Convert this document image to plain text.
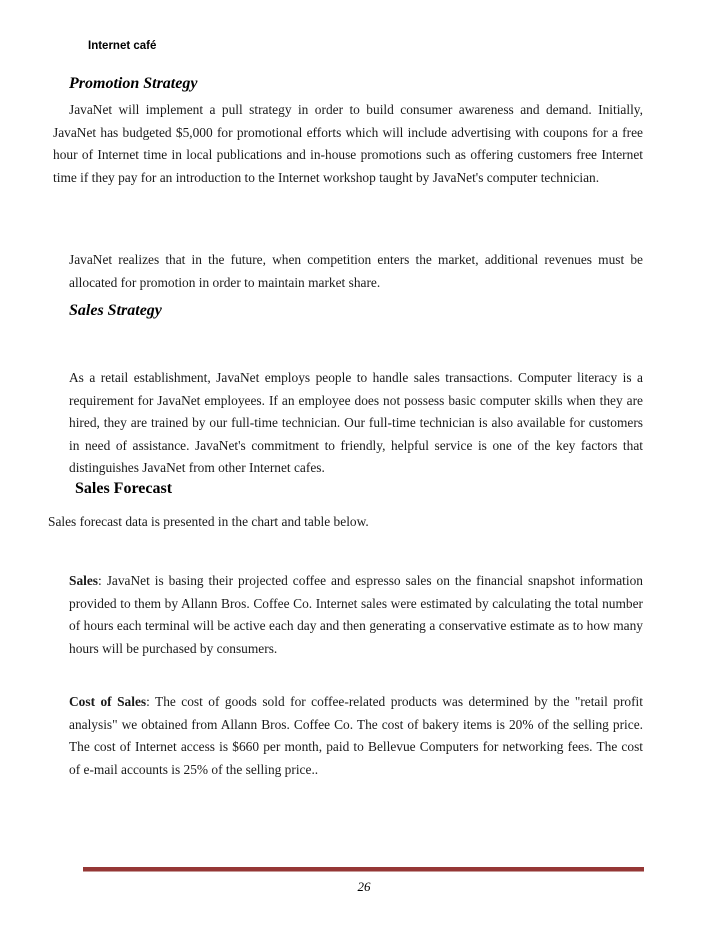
Internet café
Promotion Strategy
JavaNet will implement a pull strategy in order to build consumer awareness and demand. Initially, JavaNet has budgeted $5,000 for promotional efforts which will include advertising with coupons for a free hour of Internet time in local publications and in-house promotions such as offering customers free Internet time if they pay for an introduction to the Internet workshop taught by JavaNet's computer technician.
JavaNet realizes that in the future, when competition enters the market, additional revenues must be allocated for promotion in order to maintain market share.
Sales Strategy
As a retail establishment, JavaNet employs people to handle sales transactions. Computer literacy is a requirement for JavaNet employees. If an employee does not possess basic computer skills when they are hired, they are trained by our full-time technician. Our full-time technician is also available for customers in need of assistance. JavaNet's commitment to friendly, helpful service is one of the key factors that distinguishes JavaNet from other Internet cafes.
Sales Forecast
Sales forecast data is presented in the chart and table below.
Sales: JavaNet is basing their projected coffee and espresso sales on the financial snapshot information provided to them by Allann Bros. Coffee Co. Internet sales were estimated by calculating the total number of hours each terminal will be active each day and then generating a conservative estimate as to how many hours will be purchased by consumers.
Cost of Sales: The cost of goods sold for coffee-related products was determined by the "retail profit analysis" we obtained from Allann Bros. Coffee Co. The cost of bakery items is 20% of the selling price. The cost of Internet access is $660 per month, paid to Bellevue Computers for networking fees. The cost of e-mail accounts is 25% of the selling price..
26
